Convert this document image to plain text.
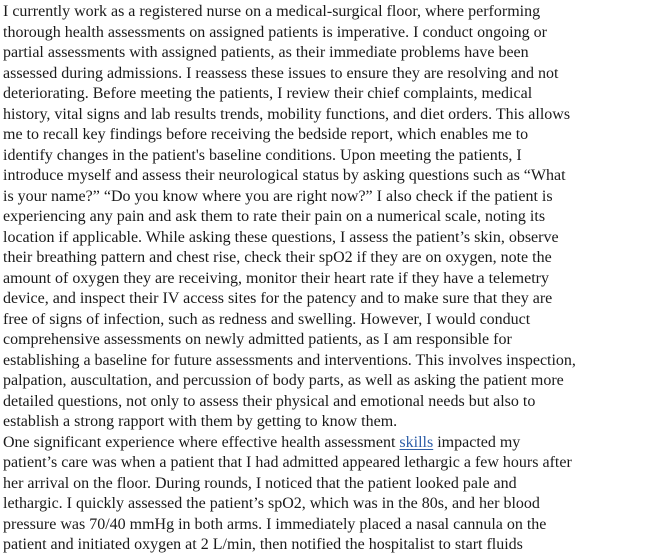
I currently work as a registered nurse on a medical-surgical floor, where performing
thorough health assessments on assigned patients is imperative. I conduct ongoing or
partial assessments with assigned patients, as their immediate problems have been
assessed during admissions. I reassess these issues to ensure they are resolving and not
deteriorating. Before meeting the patients, I review their chief complaints, medical
history, vital signs and lab results trends, mobility functions, and diet orders. This allows
me to recall key findings before receiving the bedside report, which enables me to
identify changes in the patient's baseline conditions. Upon meeting the patients, I
introduce myself and assess their neurological status by asking questions such as “What
is your name?” “Do you know where you are right now?” I also check if the patient is
experiencing any pain and ask them to rate their pain on a numerical scale, noting its
location if applicable. While asking these questions, I assess the patient’s skin, observe
their breathing pattern and chest rise, check their spO2 if they are on oxygen, note the
amount of oxygen they are receiving, monitor their heart rate if they have a telemetry
device, and inspect their IV access sites for the patency and to make sure that they are
free of signs of infection, such as redness and swelling. However, I would conduct
comprehensive assessments on newly admitted patients, as I am responsible for
establishing a baseline for future assessments and interventions. This involves inspection,
palpation, auscultation, and percussion of body parts, as well as asking the patient more
detailed questions, not only to assess their physical and emotional needs but also to
establish a strong rapport with them by getting to know them.
One significant experience where effective health assessment skills impacted my
patient’s care was when a patient that I had admitted appeared lethargic a few hours after
her arrival on the floor. During rounds, I noticed that the patient looked pale and
lethargic. I quickly assessed the patient’s spO2, which was in the 80s, and her blood
pressure was 70/40 mmHg in both arms. I immediately placed a nasal cannula on the
patient and initiated oxygen at 2 L/min, then notified the hospitalist to start fluids
